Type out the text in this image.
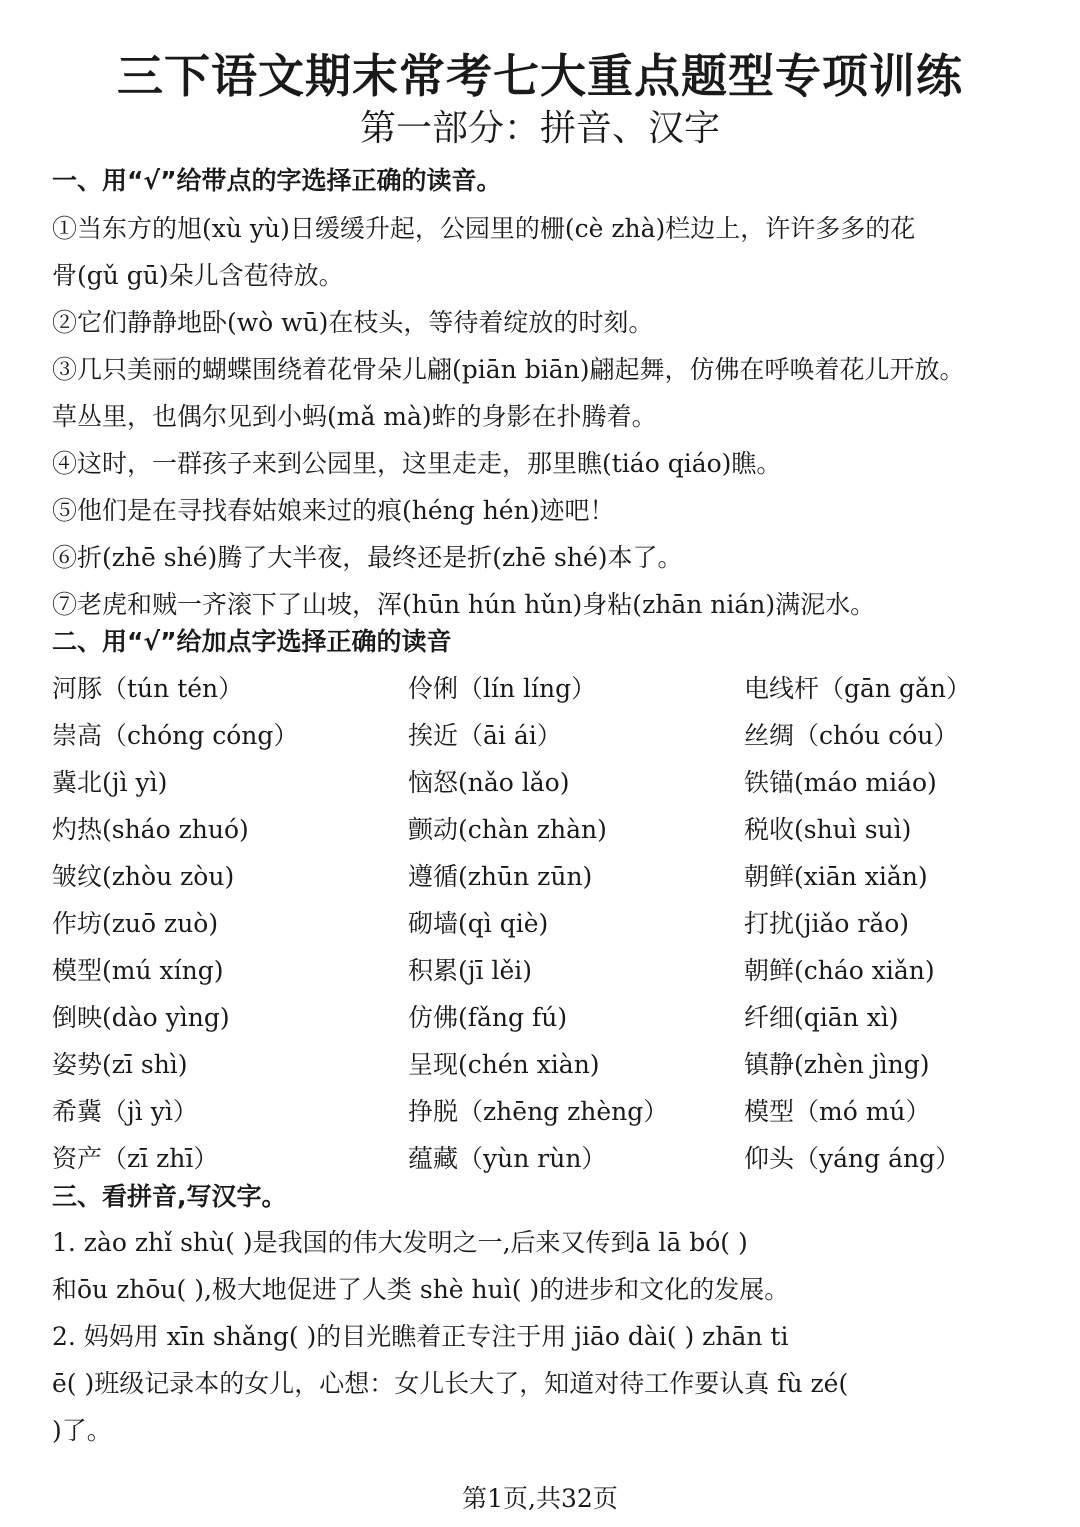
三下语文期末常考七大重点题型专项训练
第一部分：拼音、汉字
一、用“√”给带点的字选择正确的读音。
①当东方的旭(xù yù)日缓缓升起，公园里的栅(cè zhà)栏边上，许许多多的花
骨(gǔ gū)朵儿含苞待放。
②它们静静地卧(wò wū)在枝头，等待着绽放的时刻。
③几只美丽的蝴蝶围绕着花骨朵儿翩(piān biān)翩起舞，仿佛在呼唤着花儿开放。
草丛里，也偶尔见到小蚂(mǎ mà)蚱的身影在扑腾着。
④这时，一群孩子来到公园里，这里走走，那里瞧(tiáo qiáo)瞧。
⑤他们是在寻找春姑娘来过的痕(héng hén)迹吧！
⑥折(zhē shé)腾了大半夜，最终还是折(zhē shé)本了。
⑦老虎和贼一齐滚下了山坡，浑(hūn hún hǔn)身粘(zhān nián)满泥水。
二、用“√”给加点字选择正确的读音
河豚（tún tén）	伶俐（lín líng）	电线杆（gān gǎn）
崇高（chóng cóng）	挨近（āi ái）	丝绸（chóu cóu）
冀北(jì yì)	恼怒(nǎo lǎo)	铁锚(máo miáo)
灼热(sháo zhuó)	颤动(chàn zhàn)	税收(shuì suì)
皱纹(zhòu zòu)	遵循(zhūn zūn)	朝鲜(xiān xiǎn)
作坊(zuō zuò)	砌墙(qì qiè)	打扰(jiǎo rǎo)
模型(mú xíng)	积累(jī lěi)	朝鲜(cháo xiǎn)
倒映(dào yìng)	仿佛(fǎng fú)	纤细(qiān xì)
姿势(zī shì)	呈现(chén xiàn)	镇静(zhèn jìng)
希冀（jì yì）	挣脱（zhēng zhèng）	模型（mó mú）
资产（zī zhī）	蕴藏（yùn rùn）	仰头（yáng áng）
三、看拼音,写汉字。
1. zào zhǐ shù( )是我国的伟大发明之一,后来又传到ā lā bó( )
和ōu zhōu( ),极大地促进了人类 shè huì( )的进步和文化的发展。
2. 妈妈用 xīn shǎng( )的目光瞧着正专注于用 jiāo dài( ) zhān ti
ē( )班级记录本的女儿，心想：女儿长大了，知道对待工作要认真 fù zé(
)了。
第1页,共32页
